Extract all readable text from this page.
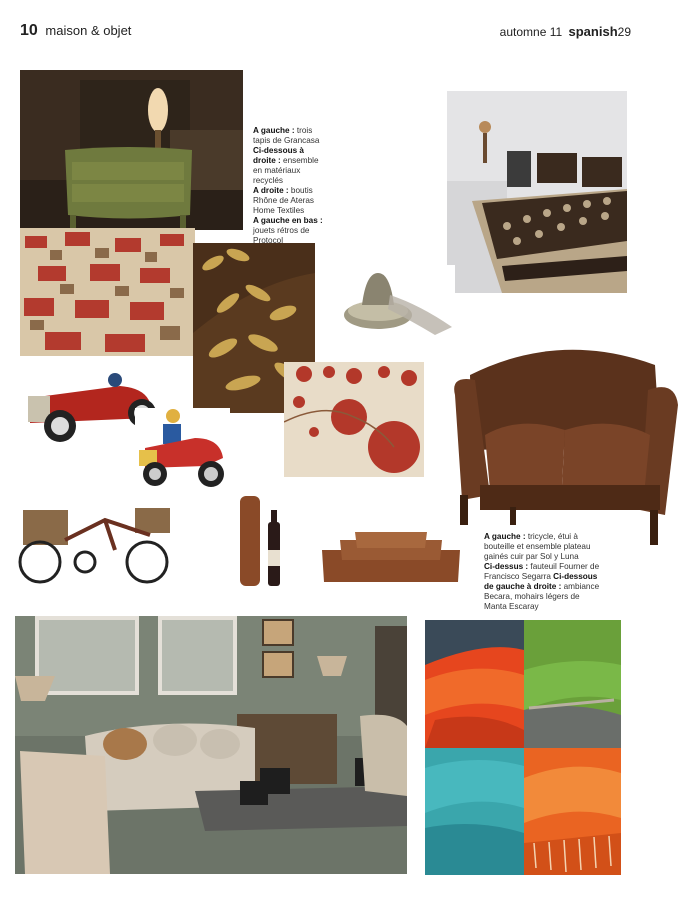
10 maison & objet	automne 11 spanish29
A gauche : trois
tapis de Grancasa
Ci-dessous à
droite : ensemble
en matériaux
recyclés
A droite : boutis
Rhône de Ateras
Home Textiles
A gauche en bas :
jouets rétros de
Protocol
A gauche : tricycle, étui à
bouteille et ensemble plateau
gainés cuir par Sol y Luna
Ci-dessus : fauteuil Fourner de
Francisco Segarra Ci-dessous
de gauche à droite : ambiance
Becara, mohairs légers de
Manta Escaray
